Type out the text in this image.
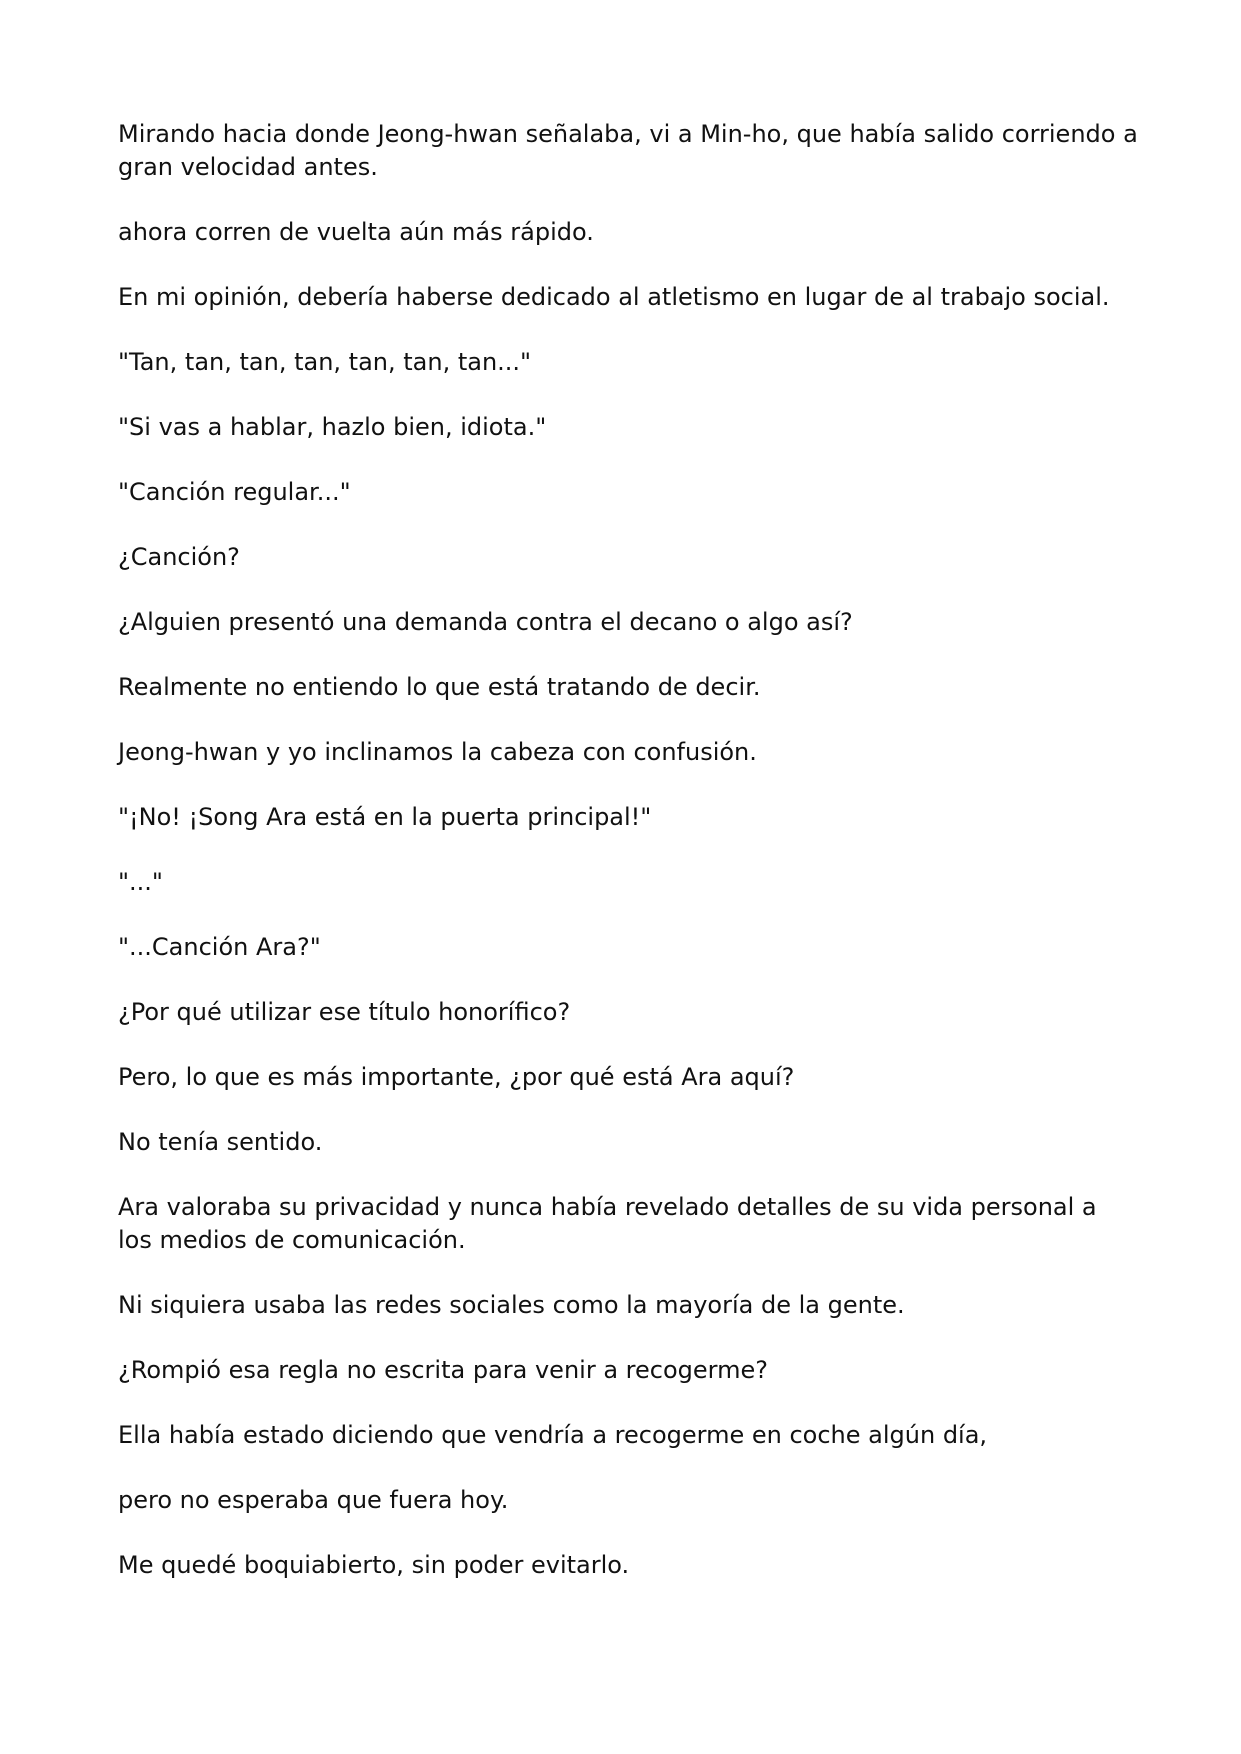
Mirando hacia donde Jeong-hwan señalaba, vi a Min-ho, que había salido corriendo a gran velocidad antes.

ahora corren de vuelta aún más rápido.

En mi opinión, debería haberse dedicado al atletismo en lugar de al trabajo social.

"Tan, tan, tan, tan, tan, tan, tan..."

"Si vas a hablar, hazlo bien, idiota."

"Canción regular..."

¿Canción?

¿Alguien presentó una demanda contra el decano o algo así?

Realmente no entiendo lo que está tratando de decir.

Jeong-hwan y yo inclinamos la cabeza con confusión.

"¡No! ¡Song Ara está en la puerta principal!"

"..."

"...Canción Ara?"

¿Por qué utilizar ese título honorífico?

Pero, lo que es más importante, ¿por qué está Ara aquí?

No tenía sentido.

Ara valoraba su privacidad y nunca había revelado detalles de su vida personal a los medios de comunicación.

Ni siquiera usaba las redes sociales como la mayoría de la gente.

¿Rompió esa regla no escrita para venir a recogerme?

Ella había estado diciendo que vendría a recogerme en coche algún día,

pero no esperaba que fuera hoy.

Me quedé boquiabierto, sin poder evitarlo.
